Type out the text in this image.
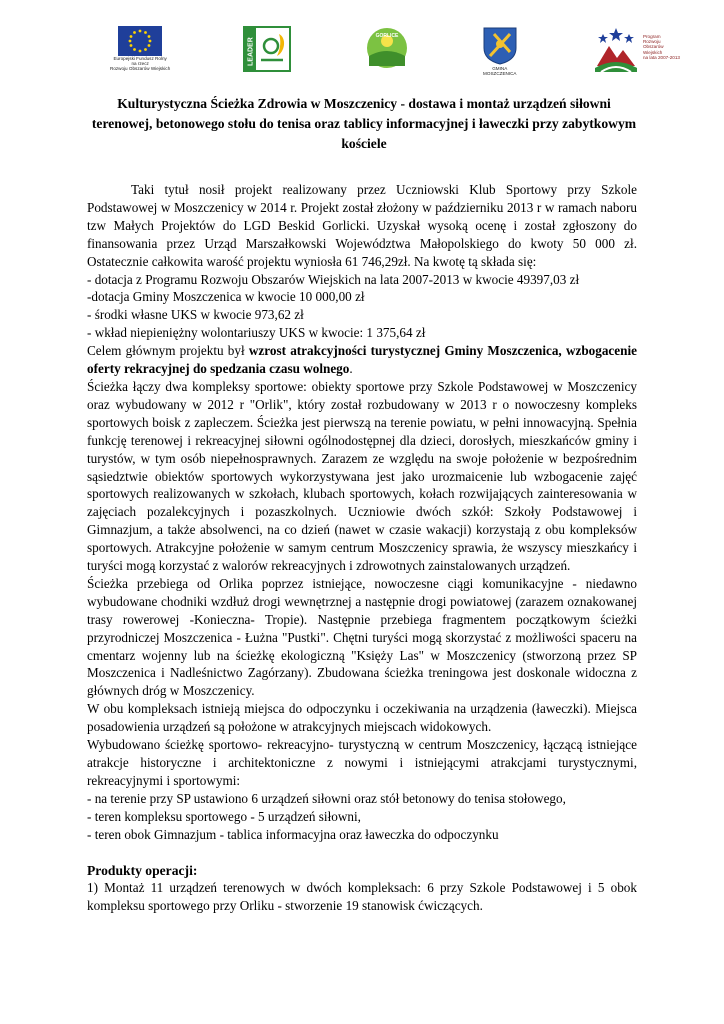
Europejski Fundusz Rolny
na rzecz
Rozwoju Obszarów Wiejskich
LEADER
GORLICE
GMINA
MOSZCZENICA
Program
Rozwoju
Obszarów
Wiejskich
na lata 2007-2013
Kulturystyczna Ścieżka Zdrowia w Moszczenicy - dostawa i montaż urządzeń siłowni terenowej, betonowego stołu do tenisa oraz tablicy informacyjnej i ławeczki przy zabytkowym kościele

Taki tytuł nosił projekt realizowany przez Uczniowski Klub Sportowy przy Szkole Podstawowej w Moszczenicy w 2014 r. Projekt został złożony w październiku 2013 r w ramach naboru tzw Małych Projektów do LGD Beskid Gorlicki. Uzyskał wysoką ocenę i został zgłoszony do finansowania przez Urząd Marszałkowski Województwa Małopolskiego do kwoty 50 000 zł. Ostatecznie całkowita warość projektu wyniosła 61 746,29zł. Na kwotę tą składa się:

- dotacja z Programu Rozwoju Obszarów Wiejskich na lata 2007-2013 w kwocie 49397,03 zł

-dotacja Gminy Moszczenica w kwocie 10 000,00 zł

- środki własne UKS w kwocie 973,62 zł

- wkład niepieniężny wolontariuszy UKS w kwocie: 1 375,64 zł

Celem głównym projektu był wzrost atrakcyjności turystycznej Gminy Moszczenica, wzbogacenie oferty rekracyjnej do spedzania czasu wolnego.

Ścieżka łączy dwa kompleksy sportowe: obiekty sportowe przy Szkole Podstawowej w Moszczenicy oraz wybudowany w 2012 r "Orlik", który został rozbudowany w 2013 r o nowoczesny kompleks sportowych boisk z zapleczem. Ścieżka jest pierwszą na terenie powiatu, w pełni innowacyjną. Spełnia funkcję terenowej i rekreacyjnej siłowni ogólnodostępnej dla dzieci, dorosłych, mieszkańców gminy i turystów, w tym osób niepełnosprawnych. Zarazem ze względu na swoje położenie w bezpośrednim sąsiedztwie obiektów sportowych wykorzystywana jest jako urozmaicenie lub wzbogacenie zajęć sportowych realizowanych w szkołach, klubach sportowych, kołach rozwijających zainteresowania w zajęciach pozalekcyjnych i pozaszkolnych. Uczniowie dwóch szkół: Szkoły Podstawowej i Gimnazjum, a także absolwenci, na co dzień (nawet w czasie wakacji) korzystają z obu kompleksów sportowych. Atrakcyjne położenie w samym centrum Moszczenicy sprawia, że wszyscy mieszkańcy i turyści mogą korzystać z walorów rekreacyjnych i zdrowotnych zainstalowanych urządzeń.

Ścieżka przebiega od Orlika poprzez istniejące, nowoczesne ciągi komunikacyjne - niedawno wybudowane chodniki wzdłuż drogi wewnętrznej a następnie drogi powiatowej (zarazem oznakowanej trasy rowerowej -Konieczna- Tropie). Następnie przebiega fragmentem początkowym ścieżki przyrodniczej Moszczenica - Łużna "Pustki". Chętni turyści mogą skorzystać z możliwości spaceru na cmentarz wojenny lub na ścieżkę ekologiczną "Księży Las" w Moszczenicy (stworzoną przez SP Moszczenica i Nadleśnictwo Zagórzany). Zbudowana ścieżka treningowa jest doskonale widoczna z głównych dróg w Moszczenicy.

W obu kompleksach istnieją miejsca do odpoczynku i oczekiwania na urządzenia (ławeczki). Miejsca posadowienia urządzeń są położone w atrakcyjnych miejscach widokowych.

Wybudowano ścieżkę sportowo- rekreacyjno- turystyczną w centrum Moszczenicy, łączącą istniejące atrakcje historyczne i architektoniczne z nowymi i istniejącymi atrakcjami turystycznymi, rekreacyjnymi i sportowymi:

- na terenie przy SP ustawiono 6 urządzeń siłowni oraz stół betonowy do tenisa stołowego,

- teren kompleksu sportowego - 5 urządzeń siłowni,

- teren obok Gimnazjum - tablica informacyjna oraz ławeczka do odpoczynku

Produkty operacji:

1) Montaż 11 urządzeń terenowych w dwóch kompleksach: 6 przy Szkole Podstawowej i 5 obok kompleksu sportowego przy Orliku - stworzenie 19 stanowisk ćwiczących.
